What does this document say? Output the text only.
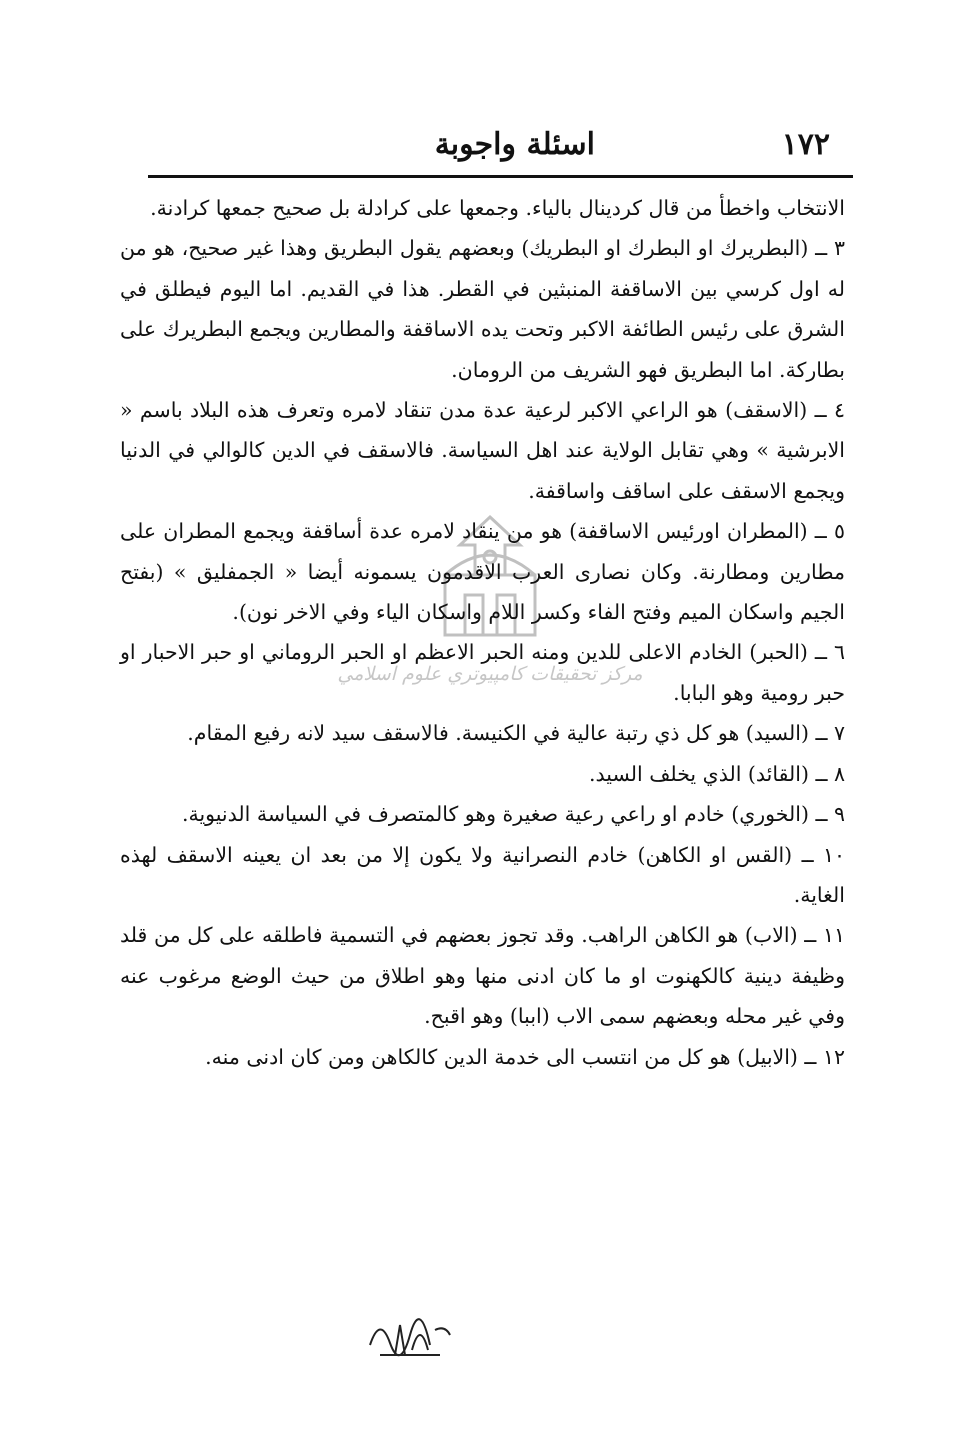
١٧٢
اسئلة واجوبة
مركز تحقيقات كامپيوتري علوم اسلامي

الانتخاب واخطأ من قال كردينال بالياء. وجمعها على كرادلة بل صحيح جمعها كرادنة.

٣ ــ (البطريرك او البطرك او البطريك) وبعضهم يقول البطريق وهذا غير صحيح، هو من له اول كرسي بين الاساقفة المنبثين في القطر. هذا في القديم. اما اليوم فيطلق في الشرق على رئيس الطائفة الاكبر وتحت يده الاساقفة والمطارين ويجمع البطريرك على بطاركة. اما البطريق فهو الشريف من الرومان.

٤ ــ (الاسقف) هو الراعي الاكبر لرعية عدة مدن تنقاد لامره وتعرف هذه البلاد باسم « الابرشية » وهي تقابل الولاية عند اهل السياسة. فالاسقف في الدين كالوالي في الدنيا ويجمع الاسقف على اساقف واساقفة.

٥ ــ (المطران اورئيس الاساقفة) هو من ينقاد لامره عدة أساقفة ويجمع المطران على مطارين ومطارنة. وكان نصارى العرب الاقدمون يسمونه أيضا « الجمفليق » (بفتح الجيم واسكان الميم وفتح الفاء وكسر اللام واسكان الياء وفي الاخر نون).

٦ ــ (الحبر) الخادم الاعلى للدين ومنه الحبر الاعظم او الحبر الروماني او حبر الاحبار او حبر رومية وهو البابا.

٧ ــ (السيد) هو كل ذي رتبة عالية في الكنيسة. فالاسقف سيد لانه رفيع المقام.

٨ ــ (القائد) الذي يخلف السيد.

٩ ــ (الخوري) خادم او راعي رعية صغيرة وهو كالمتصرف في السياسة الدنيوية.

١٠ ــ (القس او الكاهن) خادم النصرانية ولا يكون إلا من بعد ان يعينه الاسقف لهذه الغاية.

١١ ــ (الاب) هو الكاهن الراهب. وقد تجوز بعضهم في التسمية فاطلقه على كل من قلد وظيفة دينية كالكهنوت او ما كان ادنى منها وهو اطلاق من حيث الوضع مرغوب عنه وفي غير محله وبعضهم سمى الاب (اببا) وهو اقبح.

١٢ ــ (الابيل) هو كل من انتسب الى خدمة الدين كالكاهن ومن كان ادنى منه.
